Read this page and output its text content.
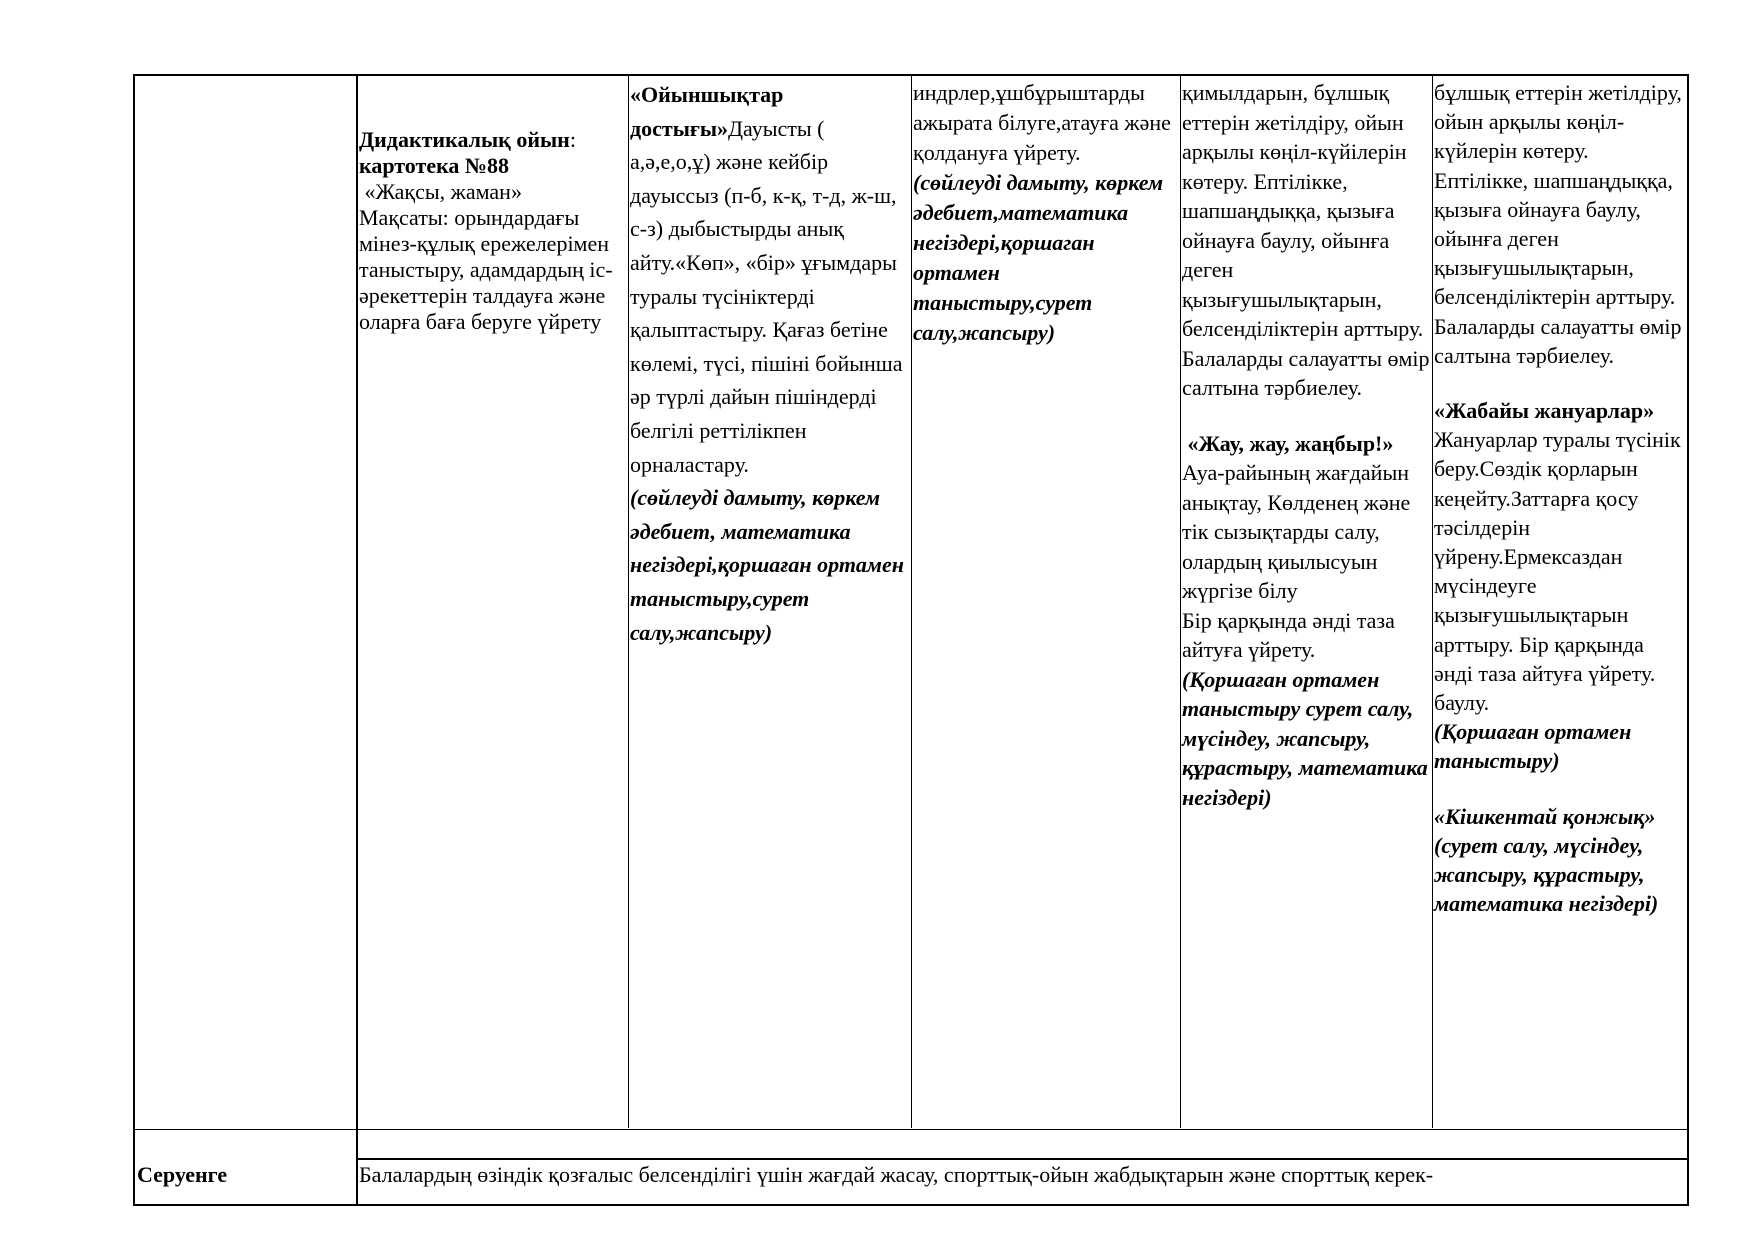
Дидактикалық ойын:

картотека №88

«Жақсы, жаман»

Мақсаты: орындардағы мінез-құлық ережелерімен таныстыру, адамдардың іс-әрекеттерін талдауға және оларға баға беруге үйрету

«Ойыншықтар достығы»Дауысты ( а,ә,е,о,ұ) және кейбір дауыссыз (п-б, к-қ, т-д, ж-ш, с-з) дыбыстырды анық айту.«Көп», «бір» ұғымдары туралы түсініктерді қалыптастыру. Қағаз бетіне көлемі, түсі, пішіні бойынша әр түрлі дайын пішіндерді белгілі реттілікпен орналастару.

(сөйлеуді дамыту, көркем әдебиет, математика негіздері,қоршаған ортамен таныстыру,сурет салу,жапсыру)

индрлер,ұшбұрыштарды ажырата білуге,атауға және қолдануға үйрету.

(сөйлеуді дамыту, көркем әдебиет,математика негіздері,қоршаган ортамен таныстыру,сурет салу,жапсыру)

қимылдарын, бұлшық еттерін жетілдіру, ойын арқылы көңіл-күйілерін көтеру. Ептілікке, шапшаңдыққа, қызыға ойнауға баулу, ойынға деген қызығушылықтарын, белсенділіктерін арттыру. Балаларды салауатты өмір салтына тәрбиелеу.

«Жау, жау, жаңбыр!»

Ауа-райының жағдайын анықтау, Көлденең және тік сызықтарды салу, олардың қиылысуын жүргізе білу

Бір қарқында әнді таза айтуға үйрету.

(Қоршаған ортамен таныстыру сурет салу, мүсіндеу, жапсыру, құрастыру, математика негіздері)

бұлшық еттерін жетілдіру, ойын арқылы көңіл-күйлерін көтеру. Ептілікке, шапшаңдыққа, қызыға ойнауға баулу, ойынға деген қызығушылықтарын, белсенділіктерін арттыру. Балаларды салауатты өмір салтына тәрбиелеу.

«Жабайы жануарлар»

Жануарлар туралы түсінік беру.Сөздік қорларын кеңейту.Заттарға қосу тәсілдерін үйрену.Ермексаздан мүсіндеуге қызығушылықтарын арттыру. Бір қарқында әнді таза айтуға үйрету.

баулу.

(Қоршаған ортамен таныстыру)

«Кішкентай қонжық»

(сурет салу, мүсіндеу, жапсыру, құрастыру, математика негіздері)

Серуенге	Балалардың өзіндік қозғалыс белсенділігі үшін жағдай жасау, спорттық-ойын жабдықтарын және спорттық керек-
